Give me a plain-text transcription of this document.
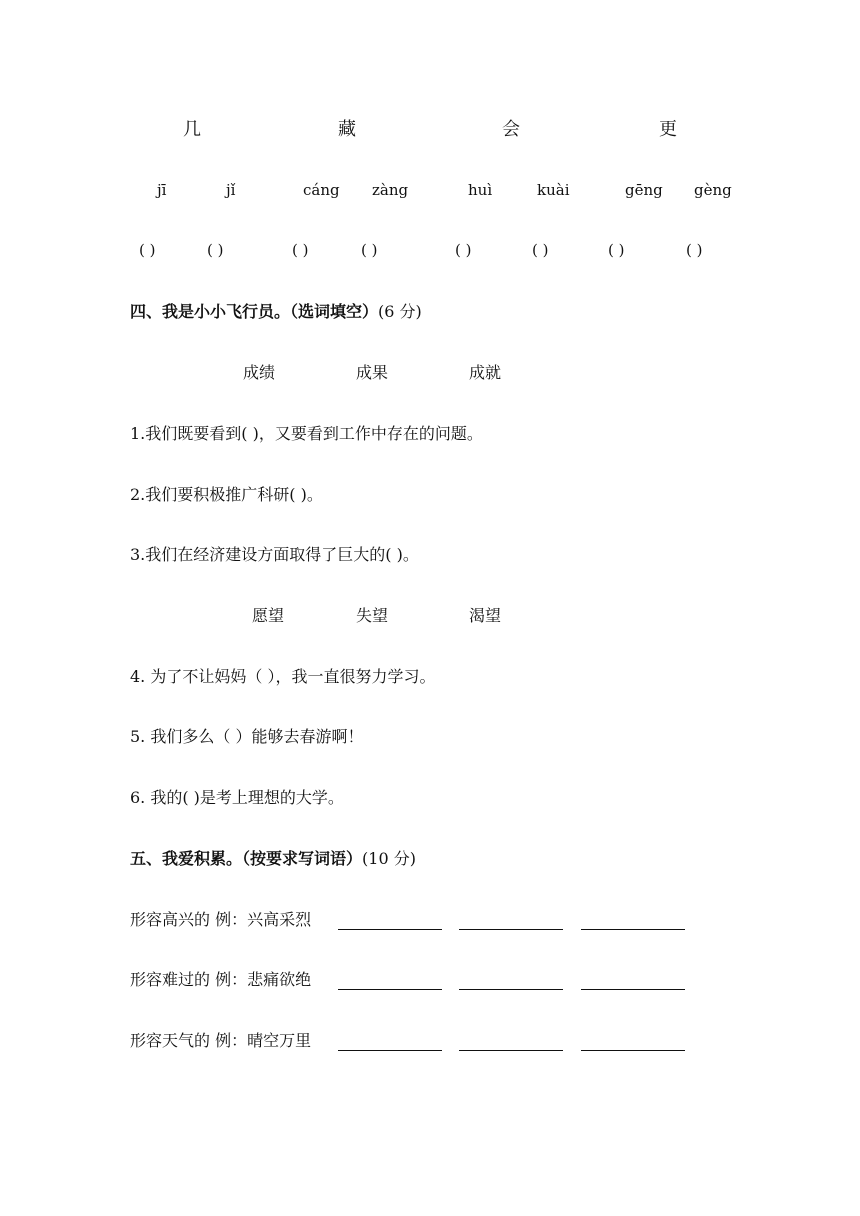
几	藏	会	更
jī	jǐ	cáng zàng	huì	kuài	gēng gèng
( )	( )	( )	( )	( )	( )	( )	( )
四、我是小小飞行员。（选词填空）(6 分)
成绩	成果	成就
1.我们既要看到( )，又要看到工作中存在的问题。
2.我们要积极推广科研( )。
3.我们在经济建设方面取得了巨大的( )。
愿望	失望	渴望
4. 为了不让妈妈（ ），我一直很努力学习。
5. 我们多么（ ）能够去春游啊！
6. 我的( )是考上理想的大学。
五、我爱积累。（按要求写词语）(10 分)
形容高兴的 例：兴高采烈
形容难过的 例：悲痛欲绝
形容天气的 例：晴空万里
